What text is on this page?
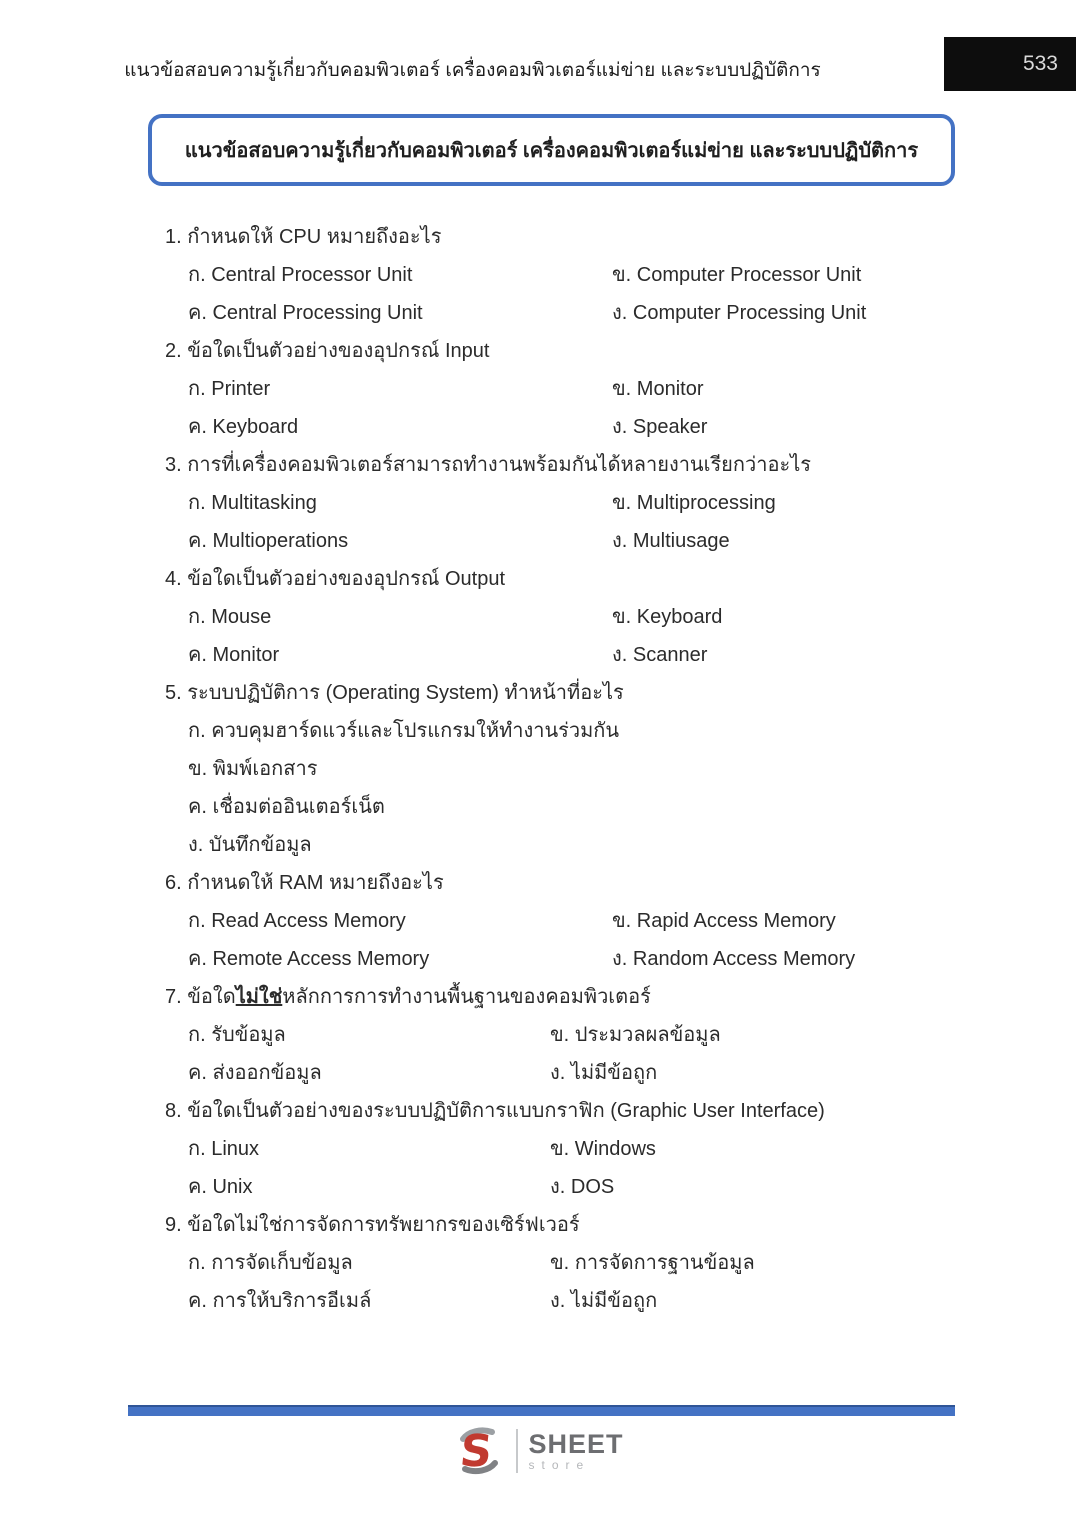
แนวข้อสอบความรู้เกี่ยวกับคอมพิวเตอร์ เครื่องคอมพิวเตอร์แม่ข่าย และระบบปฏิบัติการ	533
แนวข้อสอบความรู้เกี่ยวกับคอมพิวเตอร์ เครื่องคอมพิวเตอร์แม่ข่าย และระบบปฏิบัติการ
1. กำหนดให้ CPU หมายถึงอะไร
ก. Central Processor Unit	ข. Computer Processor Unit
ค. Central Processing Unit	ง. Computer Processing Unit
2. ข้อใดเป็นตัวอย่างของอุปกรณ์ Input
ก. Printer	ข. Monitor
ค. Keyboard	ง. Speaker
3. การที่เครื่องคอมพิวเตอร์สามารถทำงานพร้อมกันได้หลายงานเรียกว่าอะไร
ก. Multitasking	ข. Multiprocessing
ค. Multioperations	ง. Multiusage
4. ข้อใดเป็นตัวอย่างของอุปกรณ์ Output
ก. Mouse	ข. Keyboard
ค. Monitor	ง. Scanner
5. ระบบปฏิบัติการ (Operating System) ทำหน้าที่อะไร
ก. ควบคุมฮาร์ดแวร์และโปรแกรมให้ทำงานร่วมกัน
ข. พิมพ์เอกสาร
ค. เชื่อมต่ออินเตอร์เน็ต
ง. บันทึกข้อมูล
6. กำหนดให้ RAM หมายถึงอะไร
ก. Read Access Memory	ข. Rapid Access Memory
ค. Remote Access Memory	ง. Random Access Memory
7. ข้อใดไม่ใช่หลักการการทำงานพื้นฐานของคอมพิวเตอร์
ก. รับข้อมูล	ข. ประมวลผลข้อมูล
ค. ส่งออกข้อมูล	ง. ไม่มีข้อถูก
8. ข้อใดเป็นตัวอย่างของระบบปฏิบัติการแบบกราฟิก (Graphic User Interface)
ก. Linux	ข. Windows
ค. Unix	ง. DOS
9. ข้อใดไม่ใช่การจัดการทรัพยากรของเซิร์ฟเวอร์
ก. การจัดเก็บข้อมูล	ข. การจัดการฐานข้อมูล
ค. การให้บริการอีเมล์	ง. ไม่มีข้อถูก
S SHEET
store
